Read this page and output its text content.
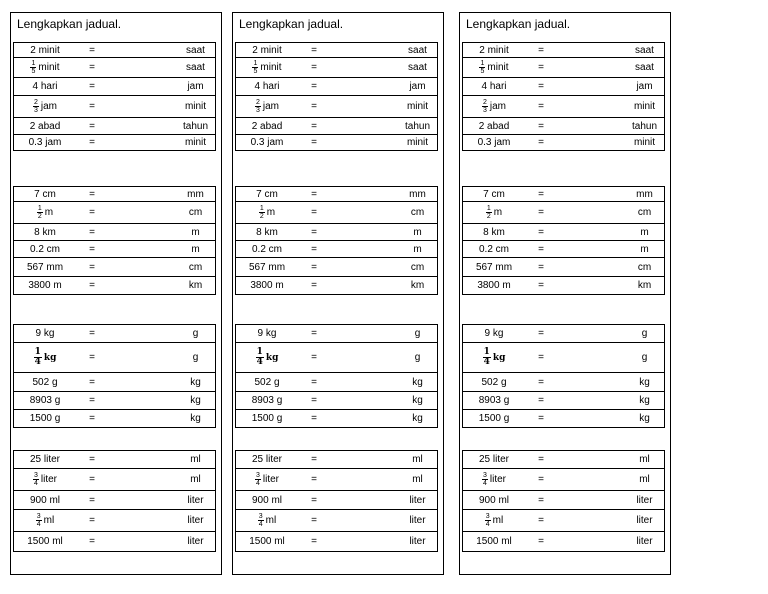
Lengkapkan jadual.
2 minit	=	saat

$\frac{1}{5}$ minit	=	saat
4 hari	=	jam

$\frac{2}{3}$ jam	=	minit
2 abad	=	tahun
0.3 jam	=	minit
7 cm	=	mm

$\frac{1}{2}$ m	=	cm
8 km	=	m
0.2 cm	=	m
567 mm	=	cm
3800 m	=	km
9 kg	=	g

$\frac{1}{4}$ kg	=	g
502 g	=	kg
8903 g	=	kg
1500 g	=	kg
25 liter	=	ml

$\frac{3}{4}$ liter	=	ml
900 ml	=	liter

$\frac{3}{4}$ ml	=	liter
1500 ml	=	liter
Lengkapkan jadual.
2 minit	=	saat

$\frac{1}{5}$ minit	=	saat
4 hari	=	jam

$\frac{2}{3}$ jam	=	minit
2 abad	=	tahun
0.3 jam	=	minit
7 cm	=	mm

$\frac{1}{2}$ m	=	cm
8 km	=	m
0.2 cm	=	m
567 mm	=	cm
3800 m	=	km
9 kg	=	g

$\frac{1}{4}$ kg	=	g
502 g	=	kg
8903 g	=	kg
1500 g	=	kg
25 liter	=	ml

$\frac{3}{4}$ liter	=	ml
900 ml	=	liter

$\frac{3}{4}$ ml	=	liter
1500 ml	=	liter
Lengkapkan jadual.
2 minit	=	saat

$\frac{1}{5}$ minit	=	saat
4 hari	=	jam

$\frac{2}{3}$ jam	=	minit
2 abad	=	tahun
0.3 jam	=	minit
7 cm	=	mm

$\frac{1}{2}$ m	=	cm
8 km	=	m
0.2 cm	=	m
567 mm	=	cm
3800 m	=	km
9 kg	=	g

$\frac{1}{4}$ kg	=	g
502 g	=	kg
8903 g	=	kg
1500 g	=	kg
25 liter	=	ml

$\frac{3}{4}$ liter	=	ml
900 ml	=	liter

$\frac{3}{4}$ ml	=	liter
1500 ml	=	liter
